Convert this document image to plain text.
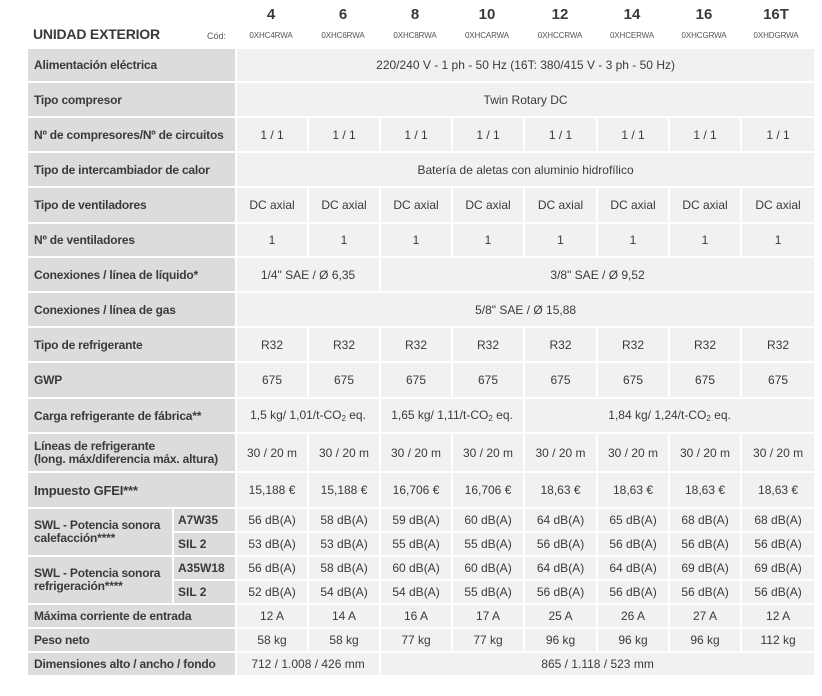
UNIDAD EXTERIOR	Cód:
4	6	8	10	12	14	16	16T
0XHC4RWA	0XHC6RWA	0XHC8RWA	0XHCARWA	0XHCCRWA	0XHCERWA	0XHCGRWA	0XHDGRWA
Alimentación eléctrica		220/240 V - 1 ph - 50 Hz (16T: 380/415 V - 3 ph - 50 Hz)							
Tipo compresor		Twin Rotary DC							
Nº de compresores/Nº de circuitos		1 / 1	1 / 1	1 / 1	1 / 1	1 / 1	1 / 1	1 / 1	1 / 1
Tipo de intercambiador de calor		Batería de aletas con aluminio hidrofílico							
Tipo de ventiladores		DC axial	DC axial	DC axial	DC axial	DC axial	DC axial	DC axial	DC axial
Nº de ventiladores		1	1	1	1	1	1	1	1
Conexiones / línea de líquido*		1/4" SAE / Ø 6,35		3/8" SAE / Ø 9,52					
Conexiones / línea de gas		5/8" SAE / Ø 15,88							
Tipo de refrigerante		R32	R32	R32	R32	R32	R32	R32	R32
GWP		675	675	675	675	675	675	675	675
Carga refrigerante de fábrica**		1,5 kg/ $1,01/t-CO_2$ eq.		1,65 kg/ $1,11/t-CO_2$ eq.		1,84 kg/ $1,24/t-CO_2$ eq.			
Líneas de refrigerante
(long. máx/diferencia máx. altura)		30 / 20 m	30 / 20 m	30 / 20 m	30 / 20 m	30 / 20 m	30 / 20 m	30 / 20 m	30 / 20 m
Impuesto GFEI***		15,188 €	15,188 €	16,706 €	16,706 €	18,63 €	18,63 €	18,63 €	18,63 €
SWL - Potencia sonora
calefacción****	A7W35	56 dB(A)	58 dB(A)	59 dB(A)	60 dB(A)	64 dB(A)	65 dB(A)	68 dB(A)	68 dB(A)
	SIL 2	53 dB(A)	53 dB(A)	55 dB(A)	55 dB(A)	56 dB(A)	56 dB(A)	56 dB(A)	56 dB(A)
SWL - Potencia sonora
refrigeración****	A35W18	56 dB(A)	58 dB(A)	60 dB(A)	60 dB(A)	64 dB(A)	64 dB(A)	69 dB(A)	69 dB(A)
	SIL 2	52 dB(A)	54 dB(A)	54 dB(A)	55 dB(A)	56 dB(A)	56 dB(A)	56 dB(A)	56 dB(A)
Máxima corriente de entrada		12 A	14 A	16 A	17 A	25 A	26 A	27 A	12 A
Peso neto		58 kg	58 kg	77 kg	77 kg	96 kg	96 kg	96 kg	112 kg
Dimensiones alto / ancho / fondo		712 / 1.008 / 426 mm		865 / 1.118 / 523 mm					
